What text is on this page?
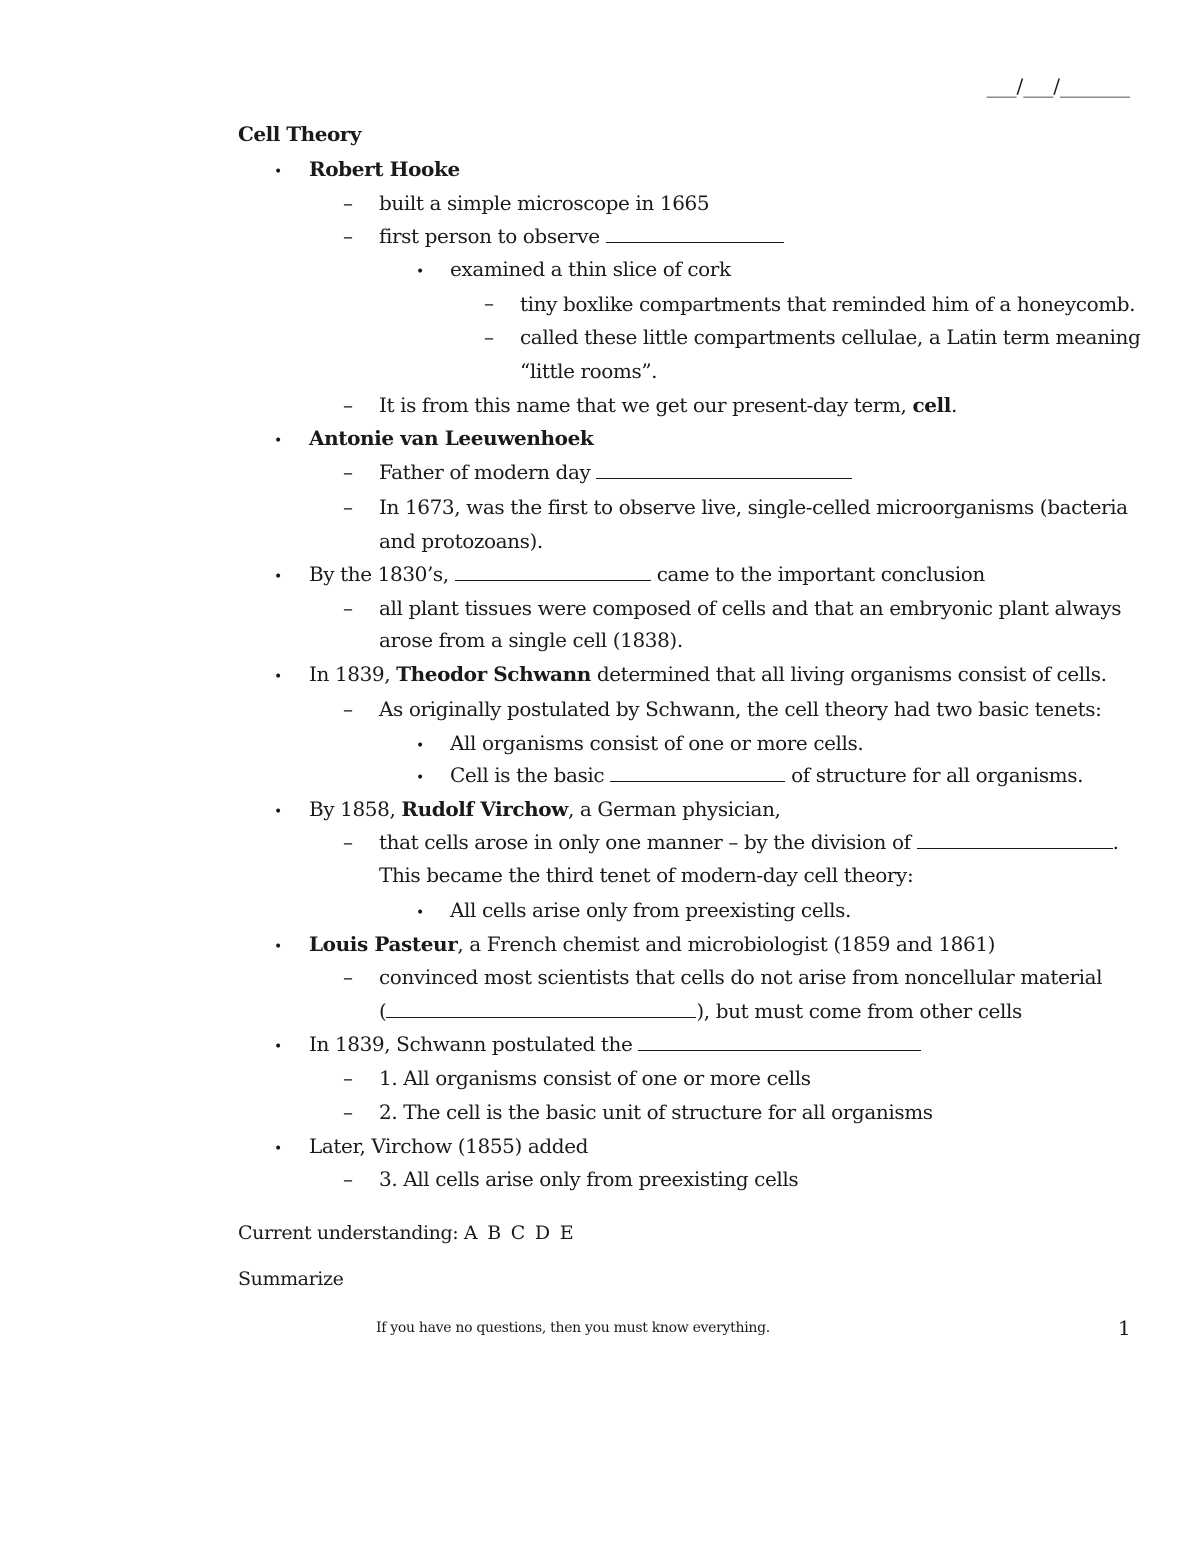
___/___/_______
Cell Theory
• Robert Hooke
– built a simple microscope in 1665
– first person to observe
• examined a thin slice of cork
– tiny boxlike compartments that reminded him of a honeycomb.
– called these little compartments cellulae, a Latin term meaning
“little rooms”.
– It is from this name that we get our present-day term, cell.
• Antonie van Leeuwenhoek
– Father of modern day
– In 1673, was the first to observe live, single-celled microorganisms (bacteria
and protozoans).
• By the 1830’s,	came to the important conclusion
– all plant tissues were composed of cells and that an embryonic plant always
arose from a single cell (1838).
• In 1839, Theodor Schwann determined that all living organisms consist of cells.
– As originally postulated by Schwann, the cell theory had two basic tenets:
• All organisms consist of one or more cells.
• Cell is the basic	of structure for all organisms.
• By 1858, Rudolf Virchow, a German physician,
– that cells arose in only one manner – by the division of	.
This became the third tenet of modern-day cell theory:
• All cells arise only from preexisting cells.
• Louis Pasteur, a French chemist and microbiologist (1859 and 1861)
– convinced most scientists that cells do not arise from noncellular material
(	), but must come from other cells
• In 1839, Schwann postulated the
– 1. All organisms consist of one or more cells
– 2. The cell is the basic unit of structure for all organisms
• Later, Virchow (1855) added
– 3. All cells arise only from preexisting cells
Current understanding: A B C D E
Summarize
If you have no questions, then you must know everything.	1
